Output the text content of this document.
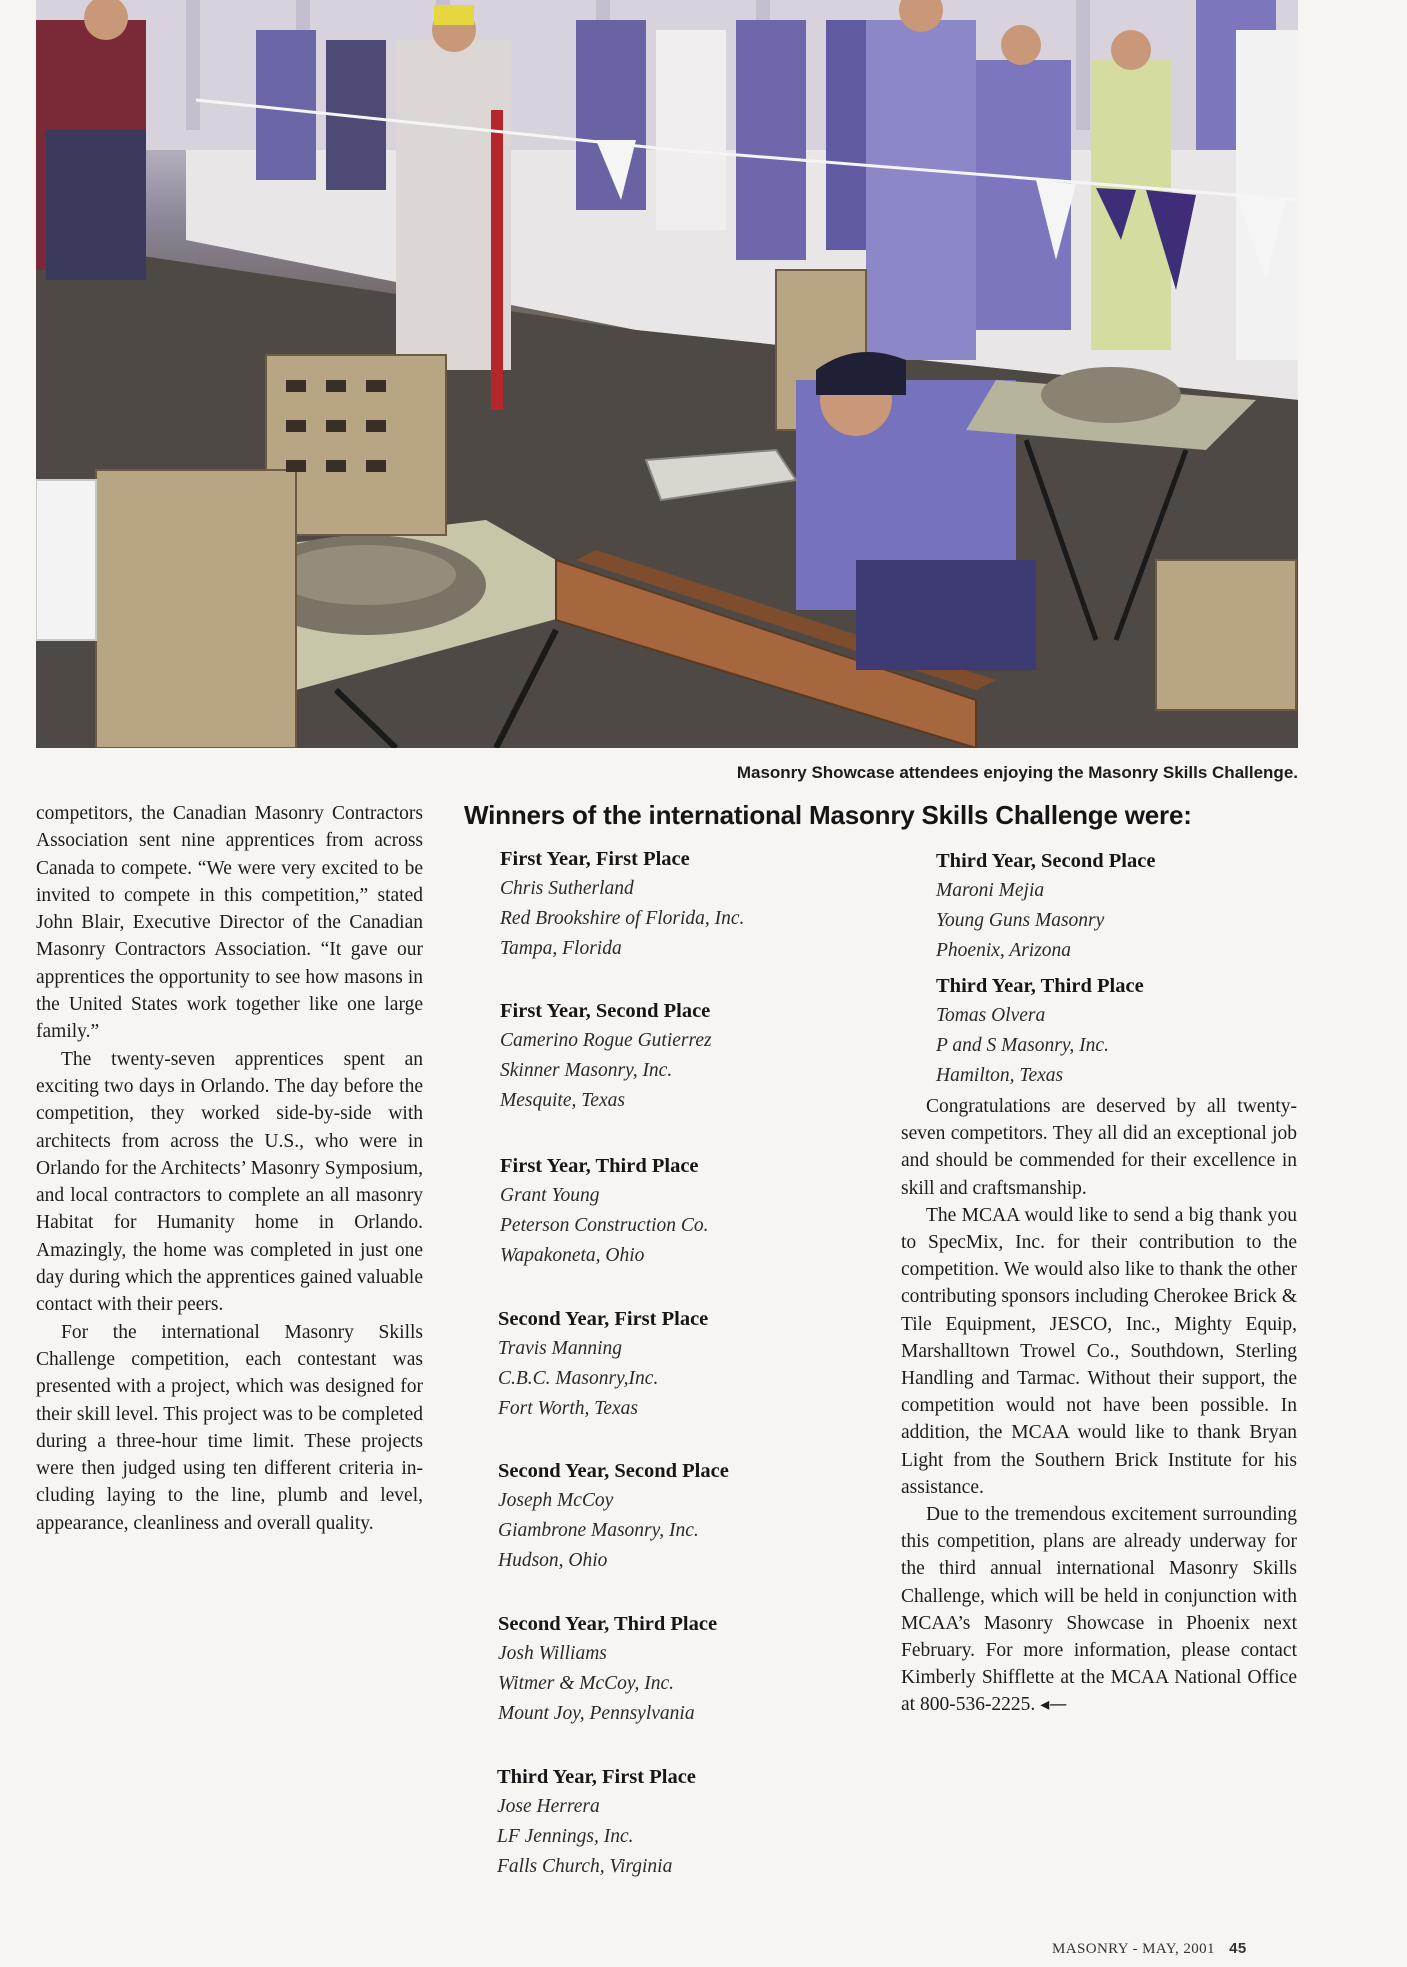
Masonry Showcase attendees enjoying the Masonry Skills Challenge.

competitors, the Canadian Masonry Contractors Association sent nine apprentices from across Canada to compete. “We were very excited to be invited to compete in this competition,” stated John Blair, Executive Director of the Canadian Masonry Contractors Association. “It gave our apprentices the opportunity to see how masons in the United States work together like one large family.”

The twenty-seven apprentices spent an exciting two days in Orlando. The day before the competition, they worked side-by-side with architects from across the U.S., who were in Orlando for the Architects’ Masonry Symposium, and local contractors to complete an all masonry Habitat for Humanity home in Orlando. Amazingly, the home was completed in just one day during which the apprentices gained valuable contact with their peers.

For the international Masonry Skills Challenge competition, each contestant was presented with a project, which was designed for their skill level. This project was to be completed during a three-hour time limit. These projects were then judged using ten different criteria including laying to the line, plumb and level, appearance, cleanliness and overall quality.

Winners of the international Masonry Skills Challenge were:
First Year, First Place
Chris Sutherland
Red Brookshire of Florida, Inc.
Tampa, Florida
First Year, Second Place
Camerino Rogue Gutierrez
Skinner Masonry, Inc.
Mesquite, Texas
First Year, Third Place
Grant Young
Peterson Construction Co.
Wapakoneta, Ohio
Second Year, First Place
Travis Manning
C.B.C. Masonry,Inc.
Fort Worth, Texas
Second Year, Second Place
Joseph McCoy
Giambrone Masonry, Inc.
Hudson, Ohio
Second Year, Third Place
Josh Williams
Witmer & McCoy, Inc.
Mount Joy, Pennsylvania
Third Year, First Place
Jose Herrera
LF Jennings, Inc.
Falls Church, Virginia
Third Year, Second Place
Maroni Mejia
Young Guns Masonry
Phoenix, Arizona
Third Year, Third Place
Tomas Olvera
P and S Masonry, Inc.
Hamilton, Texas

Congratulations are deserved by all twenty-seven competitors. They all did an exceptional job and should be commended for their excellence in skill and craftsmanship.

The MCAA would like to send a big thank you to SpecMix, Inc. for their contribution to the competition. We would also like to thank the other contributing sponsors including Cherokee Brick & Tile Equipment, JESCO, Inc., Mighty Equip, Marshalltown Trowel Co., Southdown, Sterling Handling and Tarmac. Without their support, the competition would not have been possible. In addition, the MCAA would like to thank Bryan Light from the Southern Brick Institute for his assistance.

Due to the tremendous excitement surrounding this competition, plans are already underway for the third annual international Masonry Skills Challenge, which will be held in conjunction with MCAA’s Masonry Showcase in Phoenix next February. For more information, please contact Kimberly Shifflette at the MCAA National Office at 800-536-2225. ◂—

MASONRY - MAY, 2001 45
